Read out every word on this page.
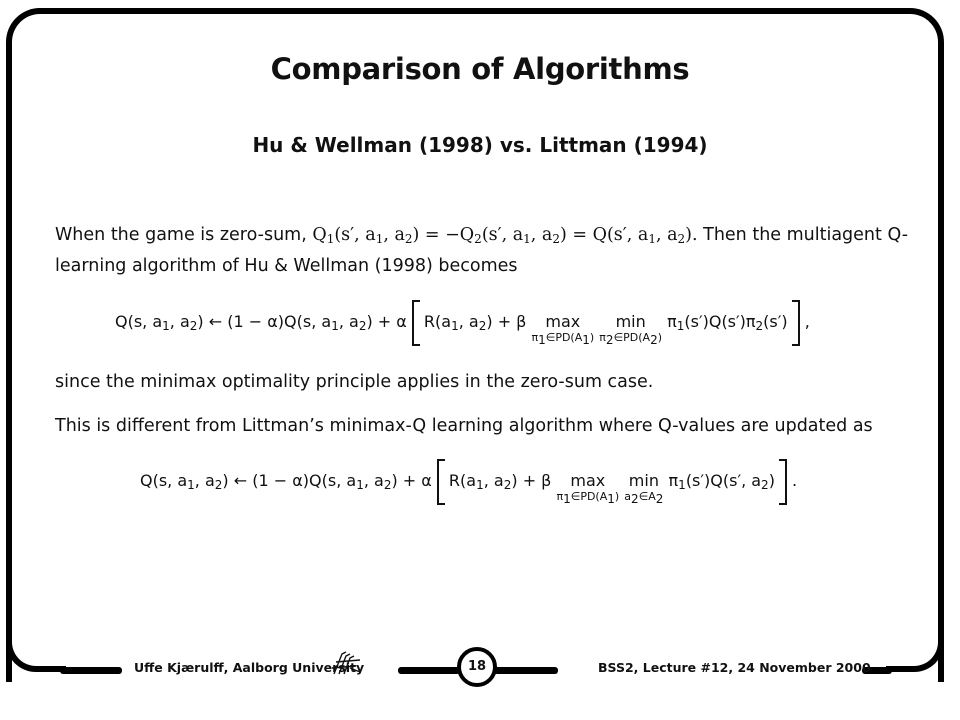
Comparison of Algorithms
Hu & Wellman (1998) vs. Littman (1994)
When the game is zero-sum, $Q_1(s'$, $a_1$, $a_2) = -Q_2(s'$, $a_1$, $a_2) = Q(s'$, $a_1$, $a_2$). Then the multiagent Q-
learning algorithm of Hu & Wellman (1998) becomes
Q(s, $a_1$, $a_2$) ← (1 − α)Q(s, $a_1$, $a_2) + \alpha$ $R(a_1$, $a_2) + \beta$	max
$\pi_1\in PD(A_1)$

min
$\pi_2\in PD(A_2)$
$\pi_1(s')Q(s')\pi_2(s')$ ,
since the minimax optimality principle applies in the zero-sum case.
This is different from Littman’s minimax-Q learning algorithm where Q-values are updated as
Q(s, $a_1$, $a_2$) ← (1 − α)Q(s, $a_1$, $a_2) + \alpha$ $R(a_1$, $a_2) + \beta$	max
$\pi_1\in PD(A_1)$

min
$a_2\in A_2$
$\pi_1(s')Q(s'$, $a_2$) .
Uffe Kjærulff, Aalborg University	18	BSS2, Lecture #12, 24 November 2000
